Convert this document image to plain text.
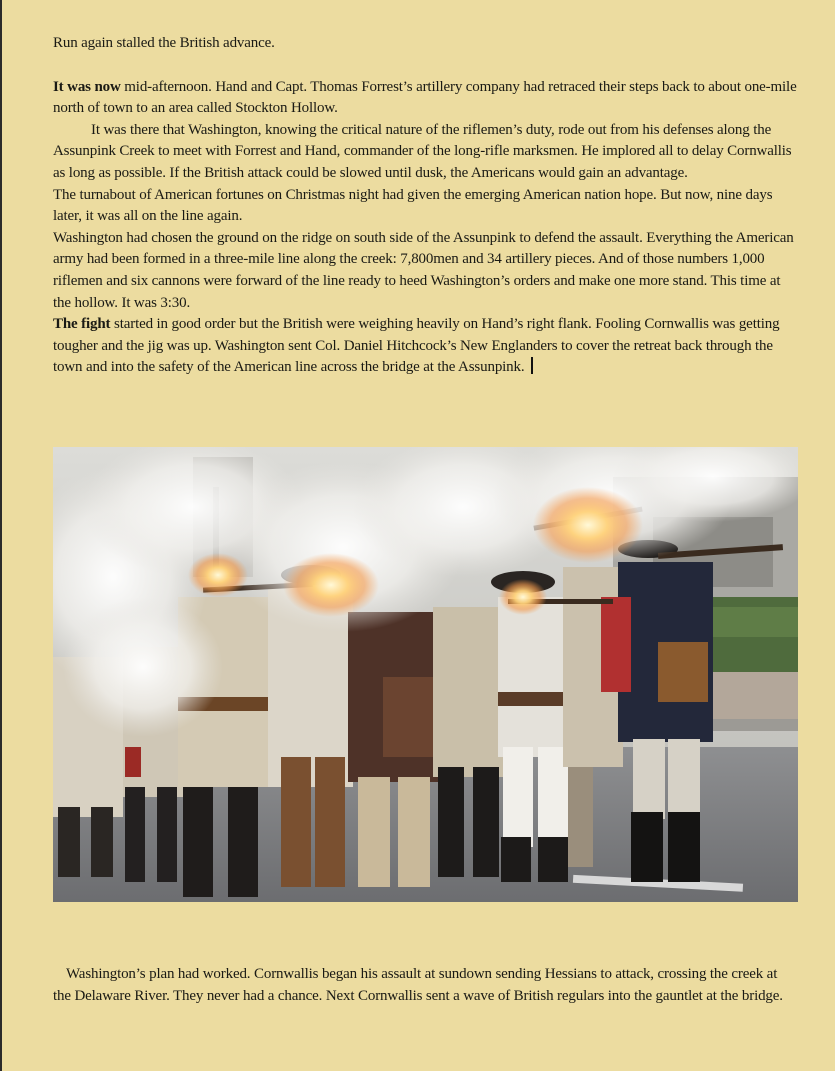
Run again stalled the British advance.

It was now mid-afternoon. Hand and Capt. Thomas Forrest’s artillery company had retraced their steps back to about one-mile north of town to an area called Stockton Hollow.

It was there that Washington, knowing the critical nature of the riflemen’s duty, rode out from his defenses along the Assunpink Creek to meet with Forrest and Hand, commander of the long-rifle marksmen. He implored all to delay Cornwallis as long as possible. If the British attack could be slowed until dusk, the Americans would gain an advantage.

The turnabout of American fortunes on Christmas night had given the emerging American nation hope. But now, nine days later, it was all on the line again.

Washington had chosen the ground on the ridge on south side of the Assunpink to defend the assault. Everything the American army had been formed in a three-mile line along the creek: 7,800men and 34 artillery pieces. And of those numbers 1,000 riflemen and six cannons were forward of the line ready to heed Washington’s orders and make one more stand. This time at the hollow. It was 3:30.

The fight started in good order but the British were weighing heavily on Hand’s right flank. Fooling Cornwallis was getting tougher and the jig was up. Washington sent Col. Daniel Hitchcock’s New Englanders to cover the retreat back through the town and into the safety of the American line across the bridge at the Assunpink.

Washington’s plan had worked. Cornwallis began his assault at sundown sending Hessians to attack, crossing the creek at the Delaware River. They never had a chance. Next Cornwallis sent a wave of British regulars into the gauntlet at the bridge.
